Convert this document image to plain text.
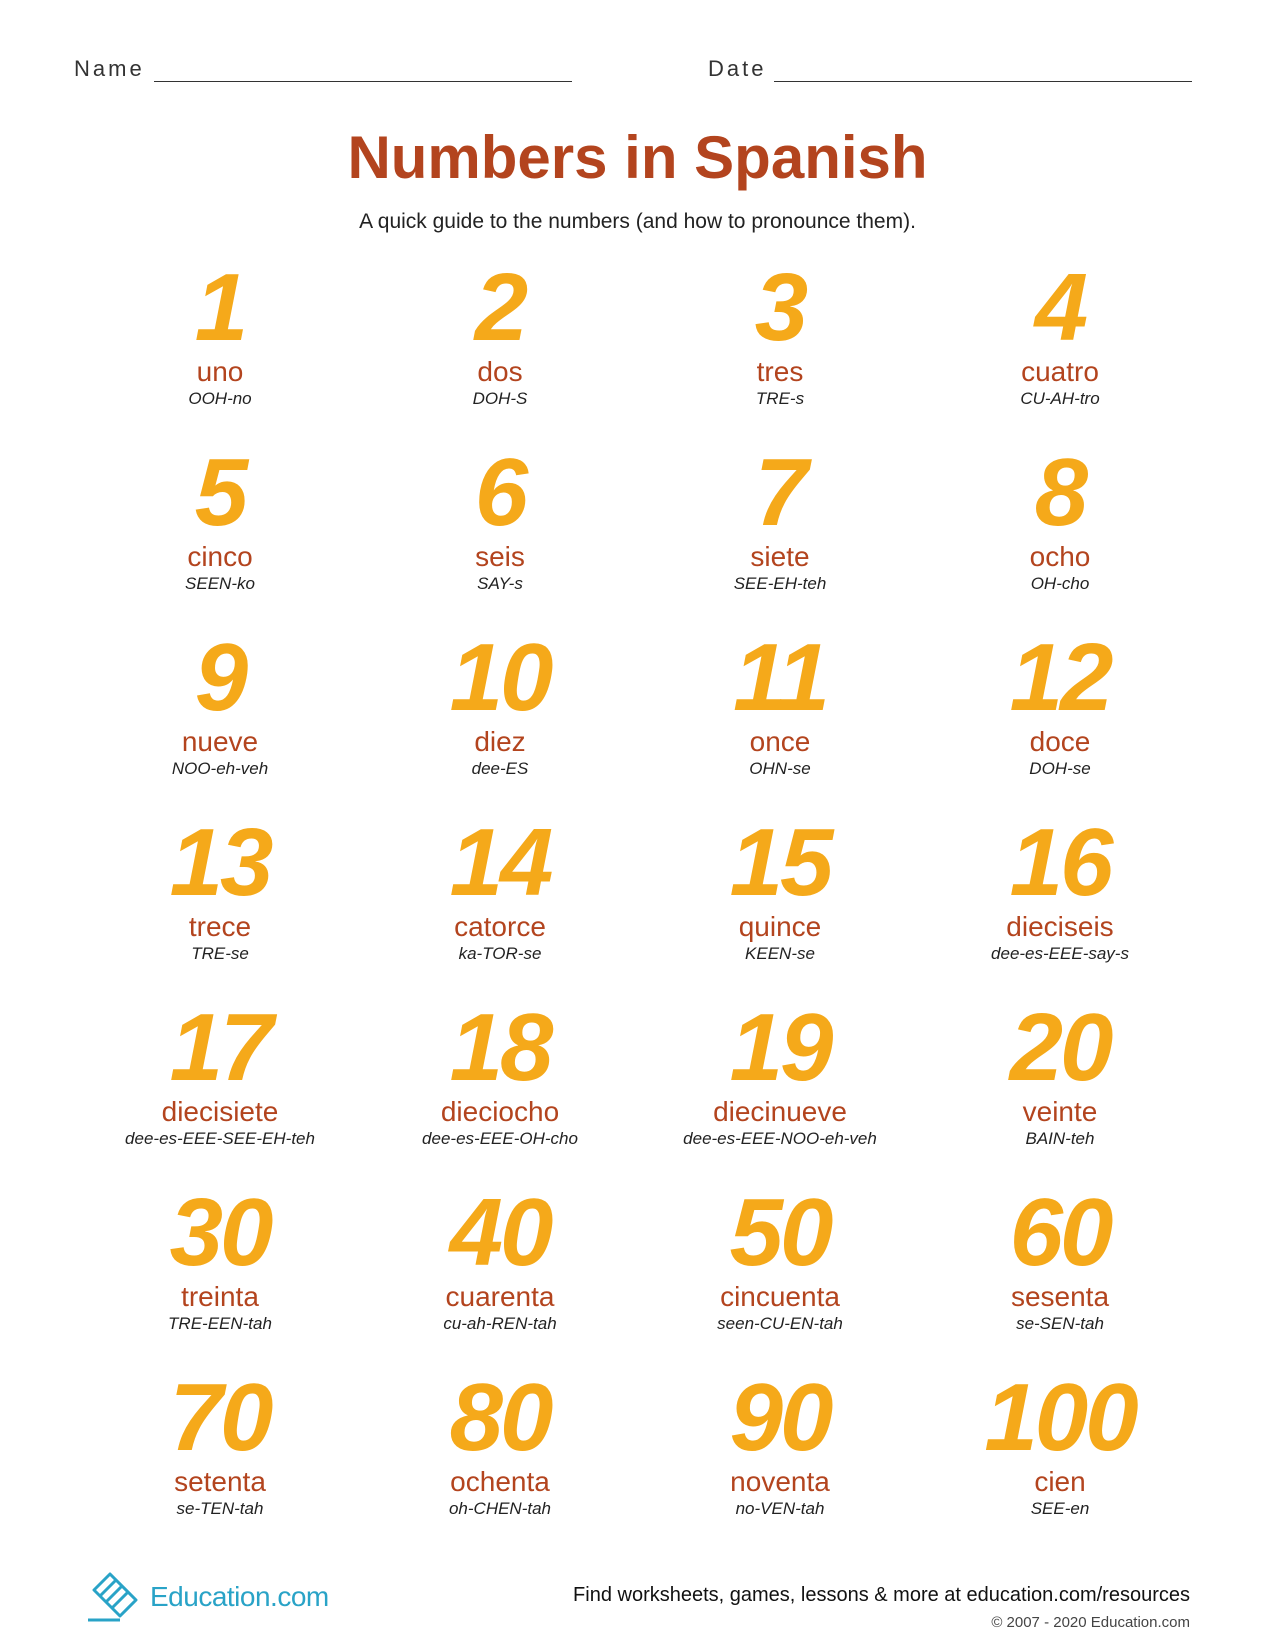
Name	Date
Numbers in Spanish
A quick guide to the numbers (and how to pronounce them).
1
uno
OOH-no
2
dos
DOH-S
3
tres
TRE-s
4
cuatro
CU-AH-tro
5
cinco
SEEN-ko
6
seis
SAY-s
7
siete
SEE-EH-teh
8
ocho
OH-cho
9
nueve
NOO-eh-veh
10
diez
dee-ES
11
once
OHN-se
12
doce
DOH-se
13
trece
TRE-se
14
catorce
ka-TOR-se
15
quince
KEEN-se
16
dieciseis
dee-es-EEE-say-s
17
diecisiete
dee-es-EEE-SEE-EH-teh
18
dieciocho
dee-es-EEE-OH-cho
19
diecinueve
dee-es-EEE-NOO-eh-veh
20
veinte
BAIN-teh
30
treinta
TRE-EEN-tah
40
cuarenta
cu-ah-REN-tah
50
cincuenta
seen-CU-EN-tah
60
sesenta
se-SEN-tah
70
setenta
se-TEN-tah
80
ochenta
oh-CHEN-tah
90
noventa
no-VEN-tah
100
cien
SEE-en
Education.com	Find worksheets, games, lessons & more at education.com/resources
© 2007 - 2020 Education.com
